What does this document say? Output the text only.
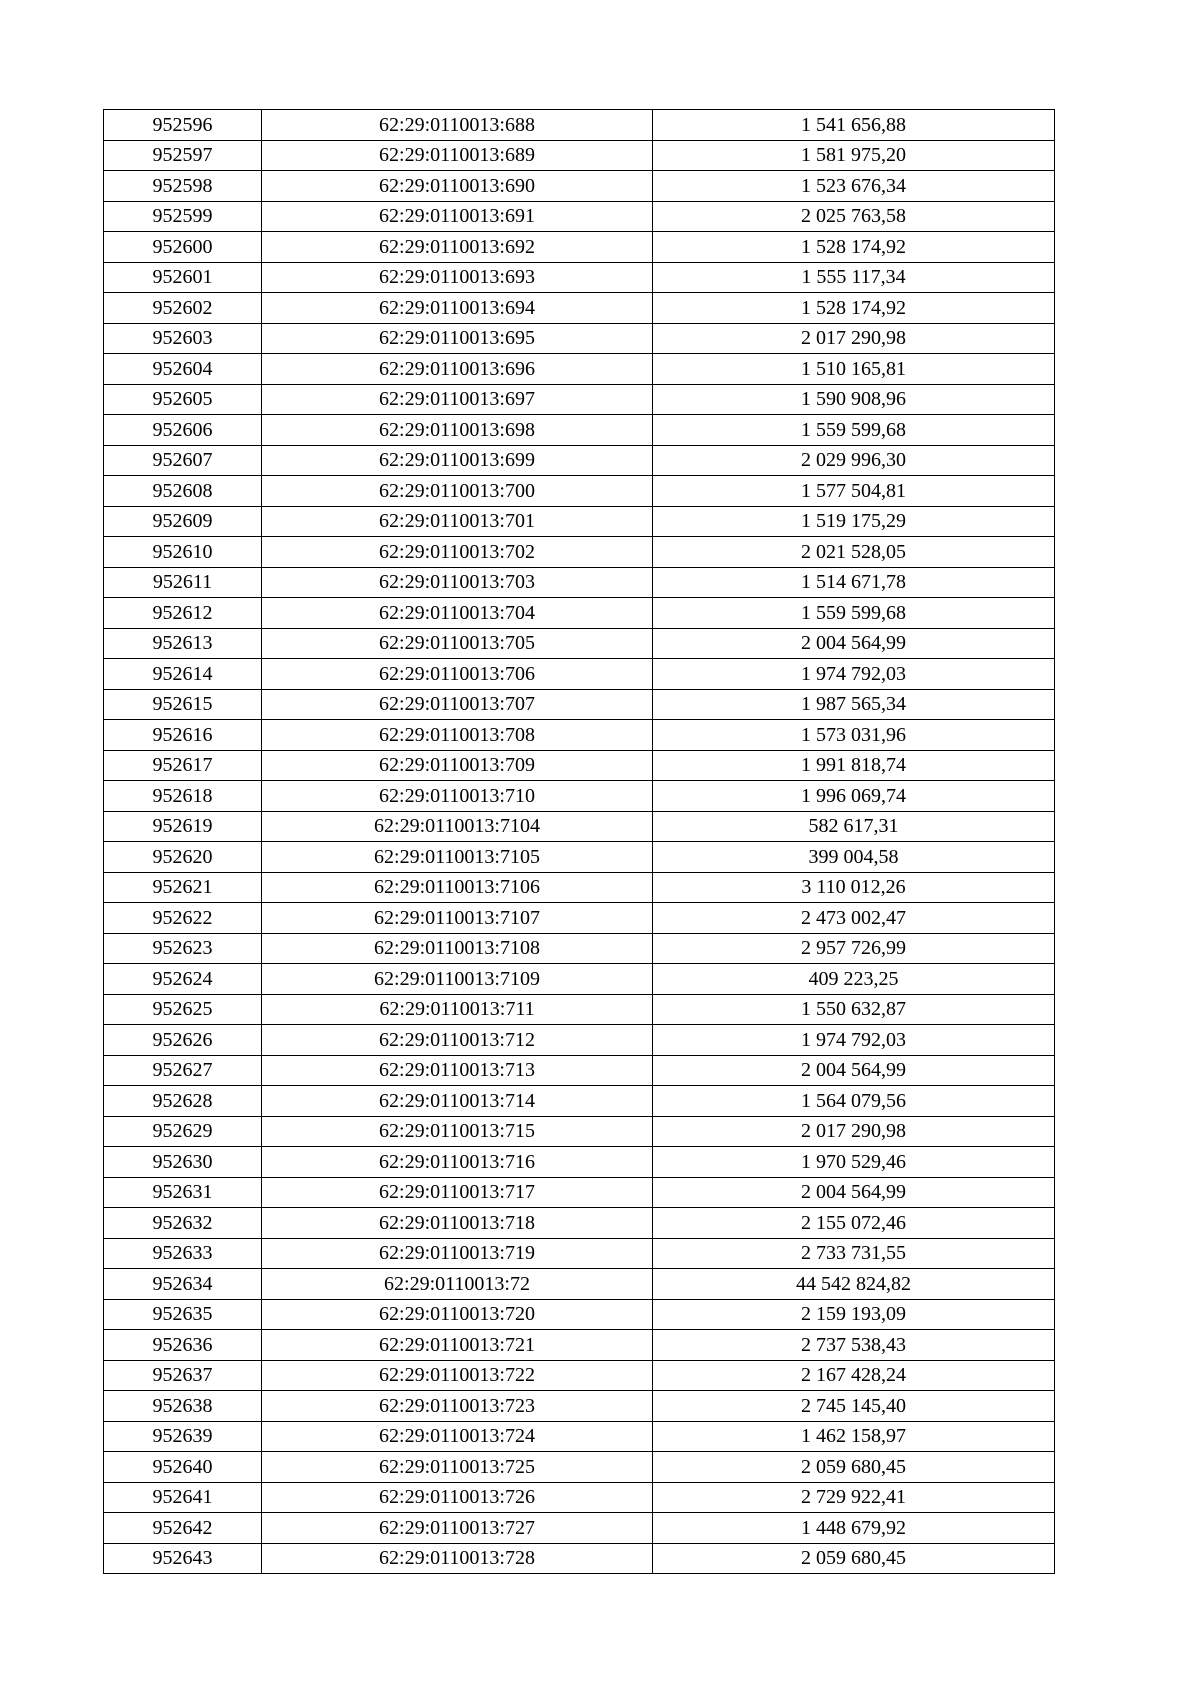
952596	62:29:0110013:688	1 541 656,88
952597	62:29:0110013:689	1 581 975,20
952598	62:29:0110013:690	1 523 676,34
952599	62:29:0110013:691	2 025 763,58
952600	62:29:0110013:692	1 528 174,92
952601	62:29:0110013:693	1 555 117,34
952602	62:29:0110013:694	1 528 174,92
952603	62:29:0110013:695	2 017 290,98
952604	62:29:0110013:696	1 510 165,81
952605	62:29:0110013:697	1 590 908,96
952606	62:29:0110013:698	1 559 599,68
952607	62:29:0110013:699	2 029 996,30
952608	62:29:0110013:700	1 577 504,81
952609	62:29:0110013:701	1 519 175,29
952610	62:29:0110013:702	2 021 528,05
952611	62:29:0110013:703	1 514 671,78
952612	62:29:0110013:704	1 559 599,68
952613	62:29:0110013:705	2 004 564,99
952614	62:29:0110013:706	1 974 792,03
952615	62:29:0110013:707	1 987 565,34
952616	62:29:0110013:708	1 573 031,96
952617	62:29:0110013:709	1 991 818,74
952618	62:29:0110013:710	1 996 069,74
952619	62:29:0110013:7104	582 617,31
952620	62:29:0110013:7105	399 004,58
952621	62:29:0110013:7106	3 110 012,26
952622	62:29:0110013:7107	2 473 002,47
952623	62:29:0110013:7108	2 957 726,99
952624	62:29:0110013:7109	409 223,25
952625	62:29:0110013:711	1 550 632,87
952626	62:29:0110013:712	1 974 792,03
952627	62:29:0110013:713	2 004 564,99
952628	62:29:0110013:714	1 564 079,56
952629	62:29:0110013:715	2 017 290,98
952630	62:29:0110013:716	1 970 529,46
952631	62:29:0110013:717	2 004 564,99
952632	62:29:0110013:718	2 155 072,46
952633	62:29:0110013:719	2 733 731,55
952634	62:29:0110013:72	44 542 824,82
952635	62:29:0110013:720	2 159 193,09
952636	62:29:0110013:721	2 737 538,43
952637	62:29:0110013:722	2 167 428,24
952638	62:29:0110013:723	2 745 145,40
952639	62:29:0110013:724	1 462 158,97
952640	62:29:0110013:725	2 059 680,45
952641	62:29:0110013:726	2 729 922,41
952642	62:29:0110013:727	1 448 679,92
952643	62:29:0110013:728	2 059 680,45
